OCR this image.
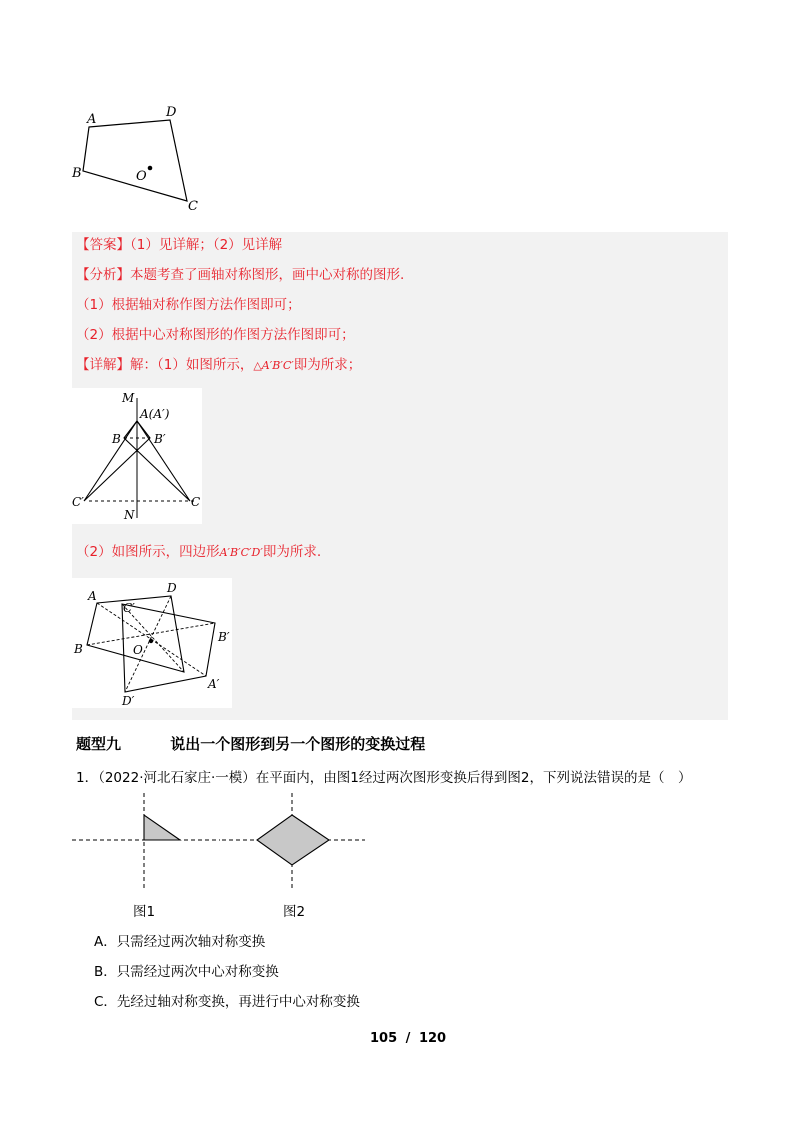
A	D
B	O
C
【答案】（1）见详解；（2）见详解
【分析】本题考查了画轴对称图形，画中心对称的图形.
（1）根据轴对称作图方法作图即可；
（2）根据中心对称图形的作图方法作图即可；
【详解】解：（1）如图所示，△A′B′C′即为所求；
M
A(A′)
B	B′
C′	C
N
（2）如图所示，四边形A′B′C′D′即为所求.
A
D
C′
B
B′
O
A′
D′
题型九	说出一个图形到另一个图形的变换过程
1．（2022·河北石家庄·一模）在平面内，由图1经过两次图形变换后得到图2，下列说法错误的是（　）
图1	图2
A．只需经过两次轴对称变换
B．只需经过两次中心对称变换
C．先经过轴对称变换，再进行中心对称变换
105 / 120
